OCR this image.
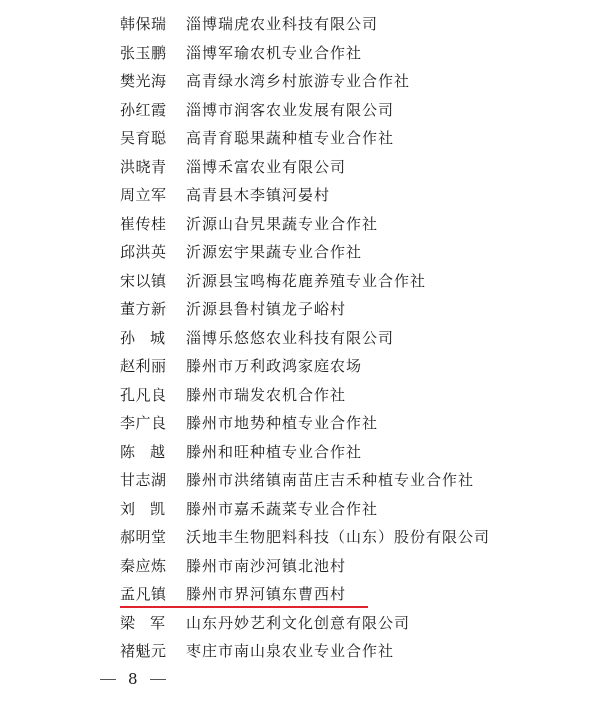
韩保瑞	淄博瑞虎农业科技有限公司
张玉鹏	淄博军瑜农机专业合作社
樊光海	高青绿水湾乡村旅游专业合作社
孙红霞	淄博市润客农业发展有限公司
吴育聪	高青育聪果蔬种植专业合作社
洪晓青	淄博禾富农业有限公司
周立军	高青县木李镇河晏村
崔传桂	沂源山旮旯果蔬专业合作社
邱洪英	沂源宏宇果蔬专业合作社
宋以镇	沂源县宝鸣梅花鹿养殖专业合作社
董方新	沂源县鲁村镇龙子峪村
孙　城	淄博乐悠悠农业科技有限公司
赵利丽	滕州市万利政鸿家庭农场
孔凡良	滕州市瑞发农机合作社
李广良	滕州市地势种植专业合作社
陈　越	滕州和旺种植专业合作社
甘志湖	滕州市洪绪镇南苗庄吉禾种植专业合作社
刘　凯	滕州市嘉禾蔬菜专业合作社
郝明堂	沃地丰生物肥料科技（山东）股份有限公司
秦应炼	滕州市南沙河镇北池村
孟凡镇	滕州市界河镇东曹西村
梁　军	山东丹妙艺利文化创意有限公司
褚魁元	枣庄市南山泉农业专业合作社
8
